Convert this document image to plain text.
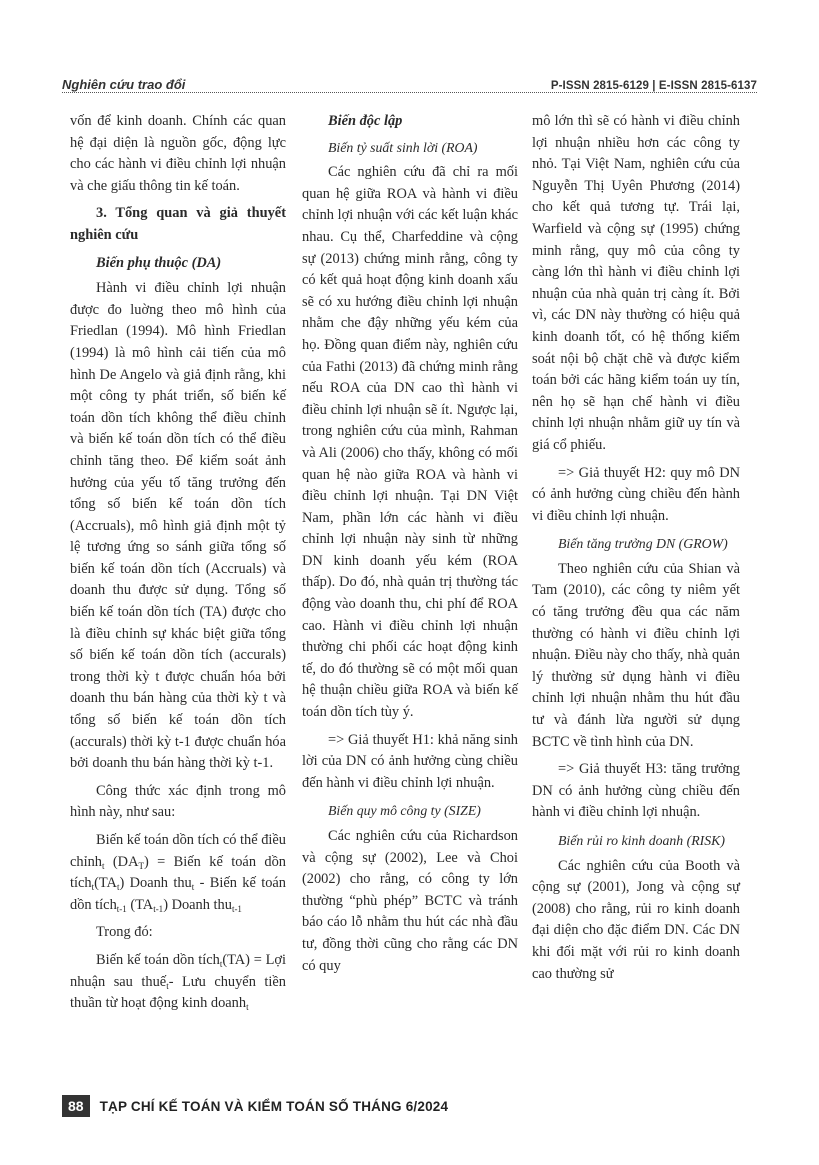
Nghiên cứu trao đổi	P-ISSN 2815-6129 | E-ISSN 2815-6137

vốn để kinh doanh. Chính các quan hệ đại diện là nguồn gốc, động lực cho các hành vi điều chỉnh lợi nhuận và che giấu thông tin kế toán.

3. Tổng quan và giả thuyết nghiên cứu

Biến phụ thuộc (DA)

Hành vi điều chỉnh lợi nhuận được đo luờng theo mô hình của Friedlan (1994). Mô hình Friedlan (1994) là mô hình cải tiến của mô hình De Angelo và giả định rằng, khi một công ty phát triển, số biến kế toán dồn tích không thể điều chỉnh và biến kế toán dồn tích có thể điều chỉnh tăng theo. Để kiểm soát ảnh hưởng của yếu tố tăng trưởng đến tổng số biến kế toán dồn tích (Accruals), mô hình giả định một tỷ lệ tương ứng so sánh giữa tổng số biến kế toán dồn tích (Accruals) và doanh thu được sử dụng. Tổng số biến kế toán dồn tích (TA) được cho là điều chỉnh sự khác biệt giữa tổng số biến kế toán dồn tích (accurals) trong thời kỳ t được chuẩn hóa bởi doanh thu bán hàng của thời kỳ t và tổng số biến kế toán dồn tích (accurals) thời kỳ t-1 được chuẩn hóa bởi doanh thu bán hàng thời kỳ t-1.

Công thức xác định trong mô hình này, như sau:

Biến kế toán dồn tích có thể điều chỉnh$_t$ $(DA_T)$ = Biến kế toán dồn $tích_t(TA_t)$ Doanh thu$_t$ - Biến kế toán dồn tích$_{t-1}$ $(TA_{t-1})$ Doanh thu$_{t-1}$

Trong đó:

Biến kế toán dồn tích$_t$(TA) = Lợi nhuận sau thuế$_t$- Lưu chuyển tiền thuần từ hoạt động kinh doanh$_t$

Biến độc lập

Biến tỷ suất sinh lời (ROA)

Các nghiên cứu đã chỉ ra mối quan hệ giữa ROA và hành vi điều chỉnh lợi nhuận với các kết luận khác nhau. Cụ thể, Charfeddine và cộng sự (2013) chứng minh rằng, công ty có kết quả hoạt động kinh doanh xấu sẽ có xu hướng điều chỉnh lợi nhuận nhằm che đậy những yếu kém của họ. Đồng quan điểm này, nghiên cứu của Fathi (2013) đã chứng minh rằng nếu ROA của DN cao thì hành vi điều chỉnh lợi nhuận sẽ ít. Ngược lại, trong nghiên cứu của mình, Rahman và Ali (2006) cho thấy, không có mối quan hệ nào giữa ROA và hành vi điều chỉnh lợi nhuận. Tại DN Việt Nam, phần lớn các hành vi điều chỉnh lợi nhuận này sinh từ những DN kinh doanh yếu kém (ROA thấp). Do đó, nhà quản trị thường tác động vào doanh thu, chi phí để ROA cao. Hành vi điều chỉnh lợi nhuận thường chi phối các hoạt động kinh tế, do đó thường sẽ có một mối quan hệ thuận chiều giữa ROA và biến kế toán dồn tích tùy ý.

=> Giả thuyết H1: khả năng sinh lời của DN có ảnh hưởng cùng chiều đến hành vi điều chỉnh lợi nhuận.

Biến quy mô công ty (SIZE)

Các nghiên cứu của Richardson và cộng sự (2002), Lee và Choi (2002) cho rằng, có công ty lớn thường “phù phép” BCTC và tránh báo cáo lỗ nhằm thu hút các nhà đầu tư, đồng thời cũng cho rằng các DN có quy

mô lớn thì sẽ có hành vi điều chỉnh lợi nhuận nhiều hơn các công ty nhỏ. Tại Việt Nam, nghiên cứu của Nguyễn Thị Uyên Phương (2014) cho kết quả tương tự. Trái lại, Warfield và cộng sự (1995) chứng minh rằng, quy mô của công ty càng lớn thì hành vi điều chỉnh lợi nhuận của nhà quản trị càng ít. Bởi vì, các DN này thường có hiệu quả kinh doanh tốt, có hệ thống kiểm soát nội bộ chặt chẽ và được kiểm toán bởi các hãng kiểm toán uy tín, nên họ sẽ hạn chế hành vi điều chỉnh lợi nhuận nhằm giữ uy tín và giá cổ phiếu.

=> Giả thuyết H2: quy mô DN có ảnh hưởng cùng chiều đến hành vi điều chỉnh lợi nhuận.

Biến tăng trưởng DN (GROW)

Theo nghiên cứu của Shian và Tam (2010), các công ty niêm yết có tăng trưởng đều qua các năm thường có hành vi điều chỉnh lợi nhuận. Điều này cho thấy, nhà quản lý thường sử dụng hành vi điều chỉnh lợi nhuận nhằm thu hút đầu tư và đánh lừa người sử dụng BCTC về tình hình của DN.

=> Giả thuyết H3: tăng trưởng DN có ảnh hưởng cùng chiều đến hành vi điều chỉnh lợi nhuận.

Biến rủi ro kinh doanh (RISK)

Các nghiên cứu của Booth và cộng sự (2001), Jong và cộng sự (2008) cho rằng, rủi ro kinh doanh đại diện cho đặc điểm DN. Các DN khi đối mặt với rủi ro kinh doanh cao thường sử

88	TẠP CHÍ KẾ TOÁN VÀ KIỂM TOÁN SỐ THÁNG 6/2024
